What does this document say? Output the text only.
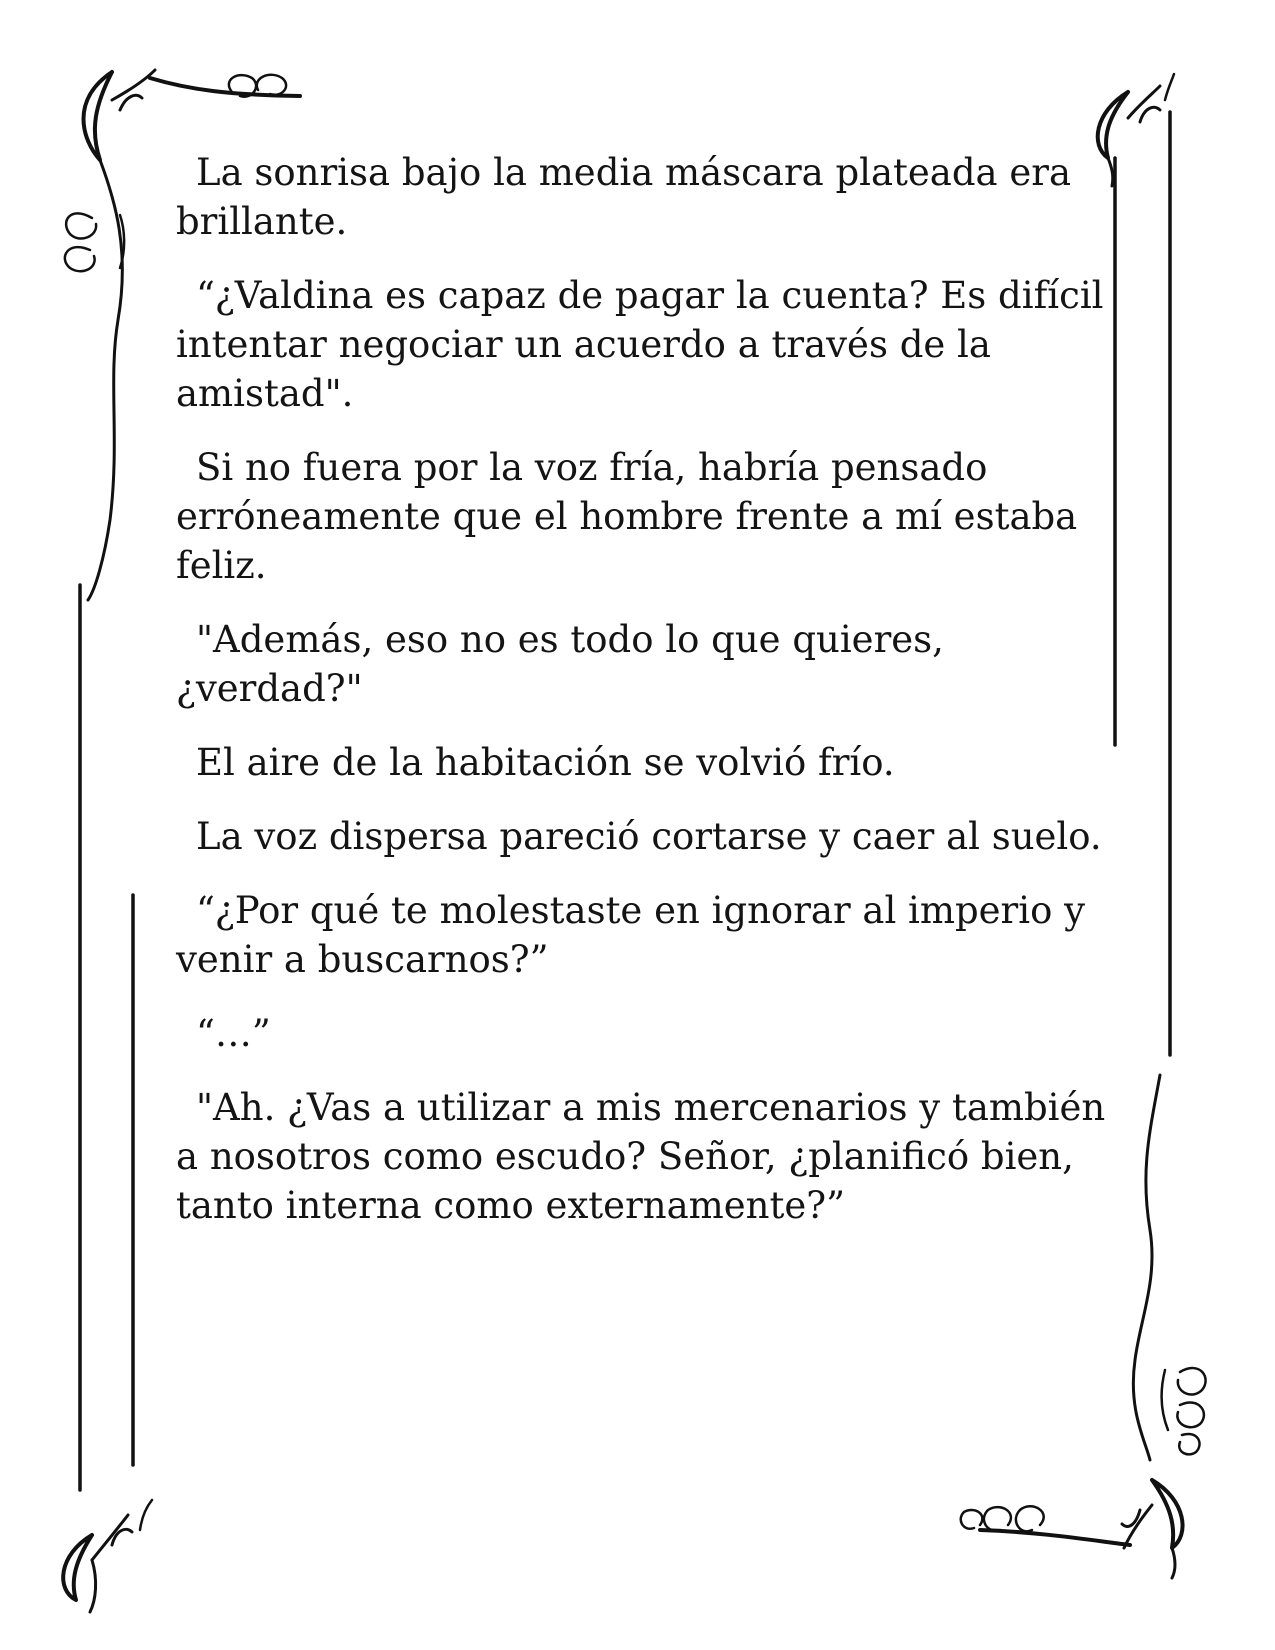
La sonrisa bajo la media máscara plateada era brillante.

“¿Valdina es capaz de pagar la cuenta? Es difícil intentar negociar un acuerdo a través de la amistad".

Si no fuera por la voz fría, habría pensado erróneamente que el hombre frente a mí estaba feliz.

"Además, eso no es todo lo que quieres, ¿verdad?"

El aire de la habitación se volvió frío.

La voz dispersa pareció cortarse y caer al suelo.

“¿Por qué te molestaste en ignorar al imperio y venir a buscarnos?”

“…”

"Ah. ¿Vas a utilizar a mis mercenarios y también a nosotros como escudo? Señor, ¿planificó bien, tanto interna como externamente?”
